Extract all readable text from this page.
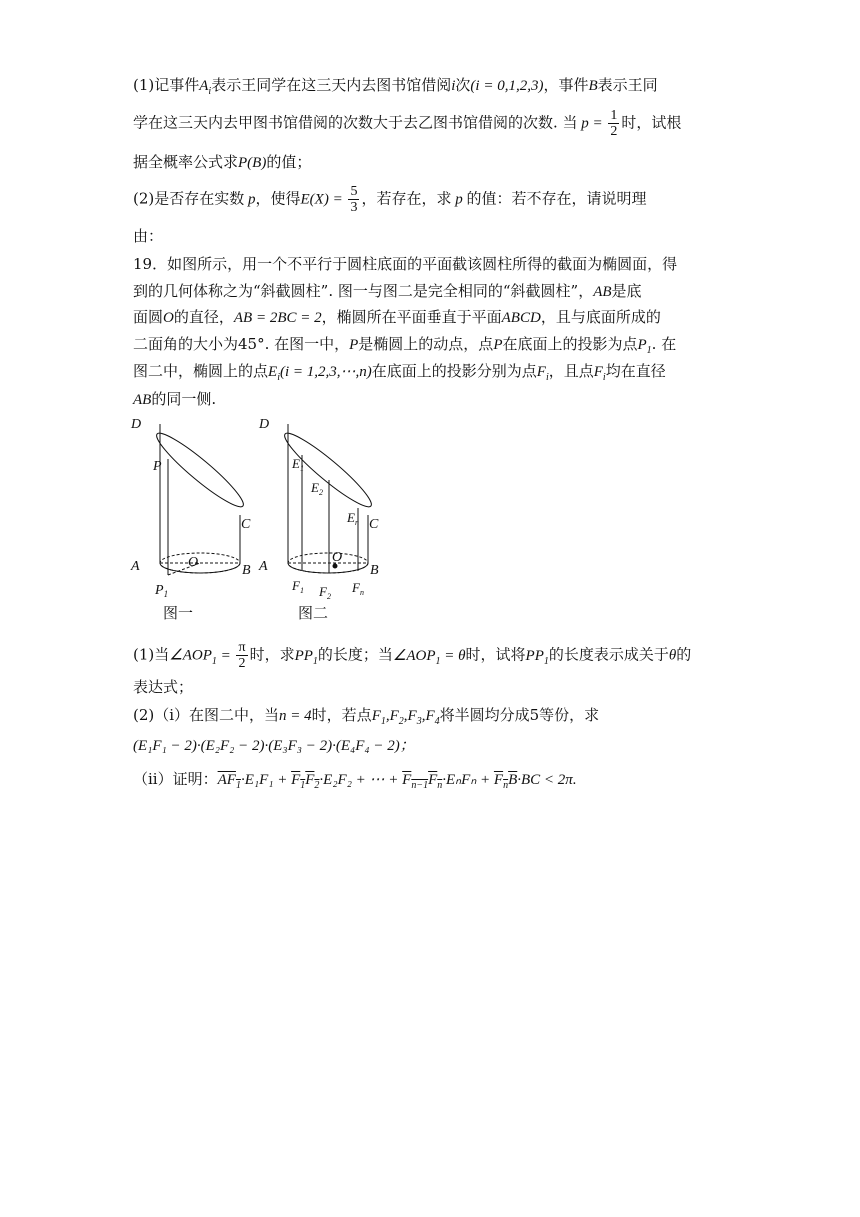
(1)记事件$A_i$表示王同学在这三天内去图书馆借阅i次(i = 0,1,2,3)，事件B表示王同
学在这三天内去甲图书馆借阅的次数大于去乙图书馆借阅的次数. 当 $p = \frac{1}{2}$ 时，试根
据全概率公式求P(B)的值；
(2)是否存在实数 p，使得$E(X) = \frac{5}{3}$ ，若存在，求 p 的值：若不存在，请说明理
由：
19．如图所示，用一个不平行于圆柱底面的平面截该圆柱所得的截面为椭圆面，得
到的几何体称之为“斜截圆柱”. 图一与图二是完全相同的“斜截圆柱”，AB是底
面圆O的直径，AB = 2BC = 2，椭圆所在平面垂直于平面ABCD，且与底面所成的
二面角的大小为45°. 在图一中，P是椭圆上的动点，点P在底面上的投影为点$P_1$. 在
图二中，椭圆上的点$E_i(i$ = 1,2,3,⋯,n)在底面上的投影分别为点$F_i$，且点$F_i$均在直径
AB的同一侧.
D
P
C
A	O
B
$P_1$
图一
D
$E_1$
$E_2$
$E_n$ C
A
O
B
$F_1$ $F_2$
$F_n$
图二
(1)当$\angle AOP_1 = \frac{\pi}{2}$ 时，求$PP_1$的长度；当$\angle AOP_1 = \theta$时，试将$PP_1$的长度表示成关于θ的
表达式；
(2)（i）在图二中，当n = 4时，若点$F_1,F_2,F_3,F_4$将半圆均分成5等份，求
(E₁F₁ − 2)·(E₂F₂ − 2)·(E₃F₃ − 2)·(E₄F₄ − 2)；
（ii）证明：$AF_1\cdot E_1F_1 + F_1F_2\cdot E_2F_2$ + ⋯ + $F_{n-1}F_n\cdot E_nF_n + F_nB\cdot BC < 2\pi$.
